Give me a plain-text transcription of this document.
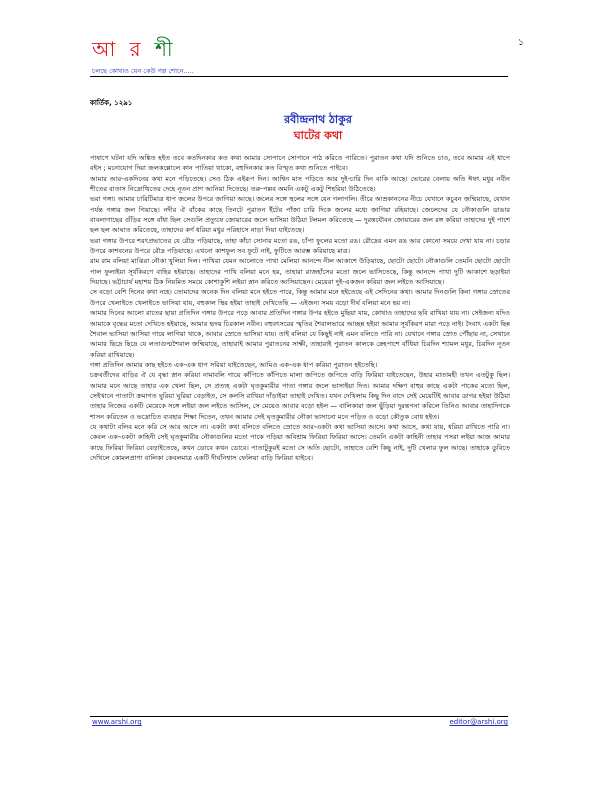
আ র শী
চলছে কোথাও যেন কেউ গল্প শোনে.....
১
কার্তিক, ১২৯১
রবীন্দ্রনাথ ঠাকুর
ঘাটের কথা

পাষাণে ঘটনা যদি অঙ্কিত হইত তবে কতদিনকার কত কথা আমার সোপানে সোপানে পাঠ করিতে পারিতে। পুরাতন কথা যদি শুনিতে চাও, তবে আমার এই ধাপে বইস ; মনোযোগ দিয়া জলকল্লোলে কান পাতিয়া থাকো, বহুদিনকার কত বিস্মৃত কথা শুনিতে পাইবে।

আমার আর-একদিনের কথা মনে পড়িতেছে। সেও ঠিক এইরূপ দিন। আশ্বিন মাস পড়িতে আর দুই-চারি দিন বাকি আছে। ভোরের বেলায় অতি ঈষৎ মধুর নবীন শীতের বাতাস নিদ্রোত্থিতের দেহে নূতন প্রাণ আনিয়া দিতেছে। তরু-পল্লব অমনি একটু একটু শিহরিয়া উঠিতেছে।

ভরা গঙ্গা। আমার চারিটিমাত্র ধাপ জলের উপরে জাগিয়া আছে। জলের সঙ্গে স্থলের সঙ্গে যেন গলাগলি। তীরে আম্রকাননের নীচে যেখানে কচুবন জন্মিয়াছে, যেখান পর্যন্ত গঙ্গার জল গিয়াছে। নদীর ঐ বাঁকের কাছে তিনটে পুরাতন ইঁটের পাঁজা চারি দিকে জলের মধ্যে জাগিয়া রহিয়াছে। জেলেদের যে নৌকাগুলি ডাঙার বাবলাগাছের গুঁড়ির সঙ্গে বাঁধা ছিল সেগুলি প্রত্যুষে জোয়ারের জলে ভাসিয়া উঠিয়া টলমল করিতেছে — দুরন্তযৌবন জোয়ারের জল রঙ্গ করিয়া তাহাদের দুই পাশে ছল ছল আঘাত করিতেছে, তাহাদের কর্ণ ধরিয়া মধুর পরিহাসে নাড়া দিয়া যাইতেছে।

ভরা গঙ্গার উপরে শরৎপ্রভাতের যে রৌদ্র পড়িয়াছে, তাহা কাঁচা সোনার মতো রঙ, চাঁপা ফুলের মতো রঙ। রৌদ্রের এমন রঙ আর কোনো সময়ে দেখা যায় না। চড়ার উপরে কাশবনের উপরে রৌদ্র পড়িয়াছে। এখনো কাশফুল সব ফুটে নাই, ফুটিতে আরম্ভ করিয়াছে মাত্র।

রাম রাম বলিয়া মাঝিরা নৌকা খুলিয়া দিল। পাখিরা যেমন আলোতে পাখা মেলিয়া আনন্দে নীল আকাশে উড়িয়াছে, ছোটো ছোটো নৌকাগুলি তেমনি ছোটো ছোটো পাল ফুলাইয়া সূর্যকিরণে বাহির হইয়াছে। তাহাদের পাখি বলিয়া মনে হয়, তাহারা রাজহাঁসের মতো জলে ভাসিতেছে, কিন্তু আনন্দে পাখা দুটি আকাশে ছড়াইয়া দিয়াছে। ভট্টাচার্য মহাশয় ঠিক নিয়মিত সময়ে কোশাকুশি লইয়া স্নান করিতে আসিয়াছেন। মেয়েরা দুই-একজন করিয়া জল লইতে আসিয়াছে।

সে বড়ো বেশি দিনের কথা নহে। তোমাদের অনেক দিন বলিয়া মনে হইতে পারে, কিন্তু আমার মনে হইতেছে এই সেদিনের কথা। আমার দিনগুলি কিনা গঙ্গার স্রোতের উপরে খেলাইতে খেলাইতে ভাসিয়া যায়, বহুকাল স্থির হইয়া তাহাই দেখিতেছি — এইজন্য সময় বড়ো দীর্ঘ বলিয়া মনে হয় না।

আমার দিনের আলো রাতের ছায়া প্রতিদিন গঙ্গার উপরে পড়ে আবার প্রতিদিন গঙ্গার উপর হইতে মুছিয়া যায়, কোথাও তাহাদের ছবি রাখিয়া যায় না। সেইজন্য যদিও আমাকে বৃদ্ধের মতো দেখিতে হইয়াছে, আমার হৃদয় চিরকাল নবীন। বহুবৎসরের স্মৃতির শৈবালভারে আচ্ছন্ন হইয়া আমার সূর্যকিরণ মারা পড়ে নাই। দৈবাৎ একটা ছিন্ন শৈবাল ভাসিয়া আসিয়া গায়ে লাগিয়া থাকে, আবার স্রোতে ভাসিয়া যায়। তাই বলিয়া যে কিছুই নাই এমন বলিতে পারি না। যেখানে গঙ্গার স্রোত পৌঁছায় না, সেখানে আমার ছিদ্রে ছিদ্রে যে লতাগুল্মশৈবাল জন্মিয়াছে, তাহারাই আমার পুরাতনের সাক্ষী, তাহারাই পুরাতন কালকে স্নেহপাশে বাঁধিয়া চিরদিন শ্যামল মধুর, চিরদিন নূতন করিয়া রাখিয়াছে।

গঙ্গা প্রতিদিন আমার কাছ হইতে এক-এক ধাপ সরিয়া যাইতেছেন, আমিও এক-এক ধাপ করিয়া পুরাতন হইতেছি।

চক্রবর্তীদের বাড়ির ঐ যে বৃদ্ধা স্নান করিয়া নামাবলি গায়ে কাঁপিতে কাঁপিতে মালা জপিতে জপিতে বাড়ি ফিরিয়া যাইতেছেন, উহার মাতামহী তখন এতটুকু ছিল। আমার মনে আছে তাহার এক খেলা ছিল, সে প্রত্যহ একটা ঘৃতকুমারীর পাতা গঙ্গার জলে ভাসাইয়া দিত। আমার দক্ষিণ বাহুর কাছে একটা পাকের মতো ছিল, সেইখানে পাতাটা ক্রমাগত ঘুরিয়া ঘুরিয়া বেড়াইত, সে কলসি রাখিয়া দাঁড়াইয়া তাহাই দেখিত। যখন দেখিলাম কিছু দিন বাদে সেই মেয়েটিই আবার ডাগর হইয়া উঠিয়া তাহার নিজের একটি মেয়েকে সঙ্গে লইয়া জল লইতে আসিল, সে মেয়েও আবার বড়ো হইল — বালিকারা জল ছুঁড়িয়া দুরন্তপনা করিলে তিনিও আবার তাহাদিগকে শাসন করিতেন ও ভদ্রোচিত ব্যবহার শিক্ষা দিতেন, তখন আমার সেই ঘৃতকুমারীর নৌকা ভাসানো মনে পড়িত ও বড়ো কৌতুক বোধ হইত।

যে কথাটা বলিব মনে করি সে আর আসে না। একটা কথা বলিতে বলিতে স্রোতে আর-একটা কথা ভাসিয়া আসে। কথা আসে, কথা যায়, ধরিয়া রাখিতে পারি না। কেবল এক-একটা কাহিনী সেই ঘৃতকুমারীর নৌকাগুলির মতো পাকে পড়িয়া অবিশ্রাম ফিরিয়া ফিরিয়া আসে। তেমনি একটা কাহিনী তাহার পসরা লইয়া আজ আমার কাছে ফিরিয়া ফিরিয়া বেড়াইতেছে, কখন ডোবে কখন ডোবে। পাতাটুকুরই মতো সে অতি ছোটো, তাহাতে বেশি কিছু নাই, দুটি খেলার ফুল আছে। তাহাকে ডুবিতে দেখিলে কোমলপ্রাণা বালিকা কেবলমাত্র একটি দীর্ঘনিশ্বাস ফেলিয়া বাড়ি ফিরিয়া যাইবে।

www.arshi.org	editor@arshi.org
